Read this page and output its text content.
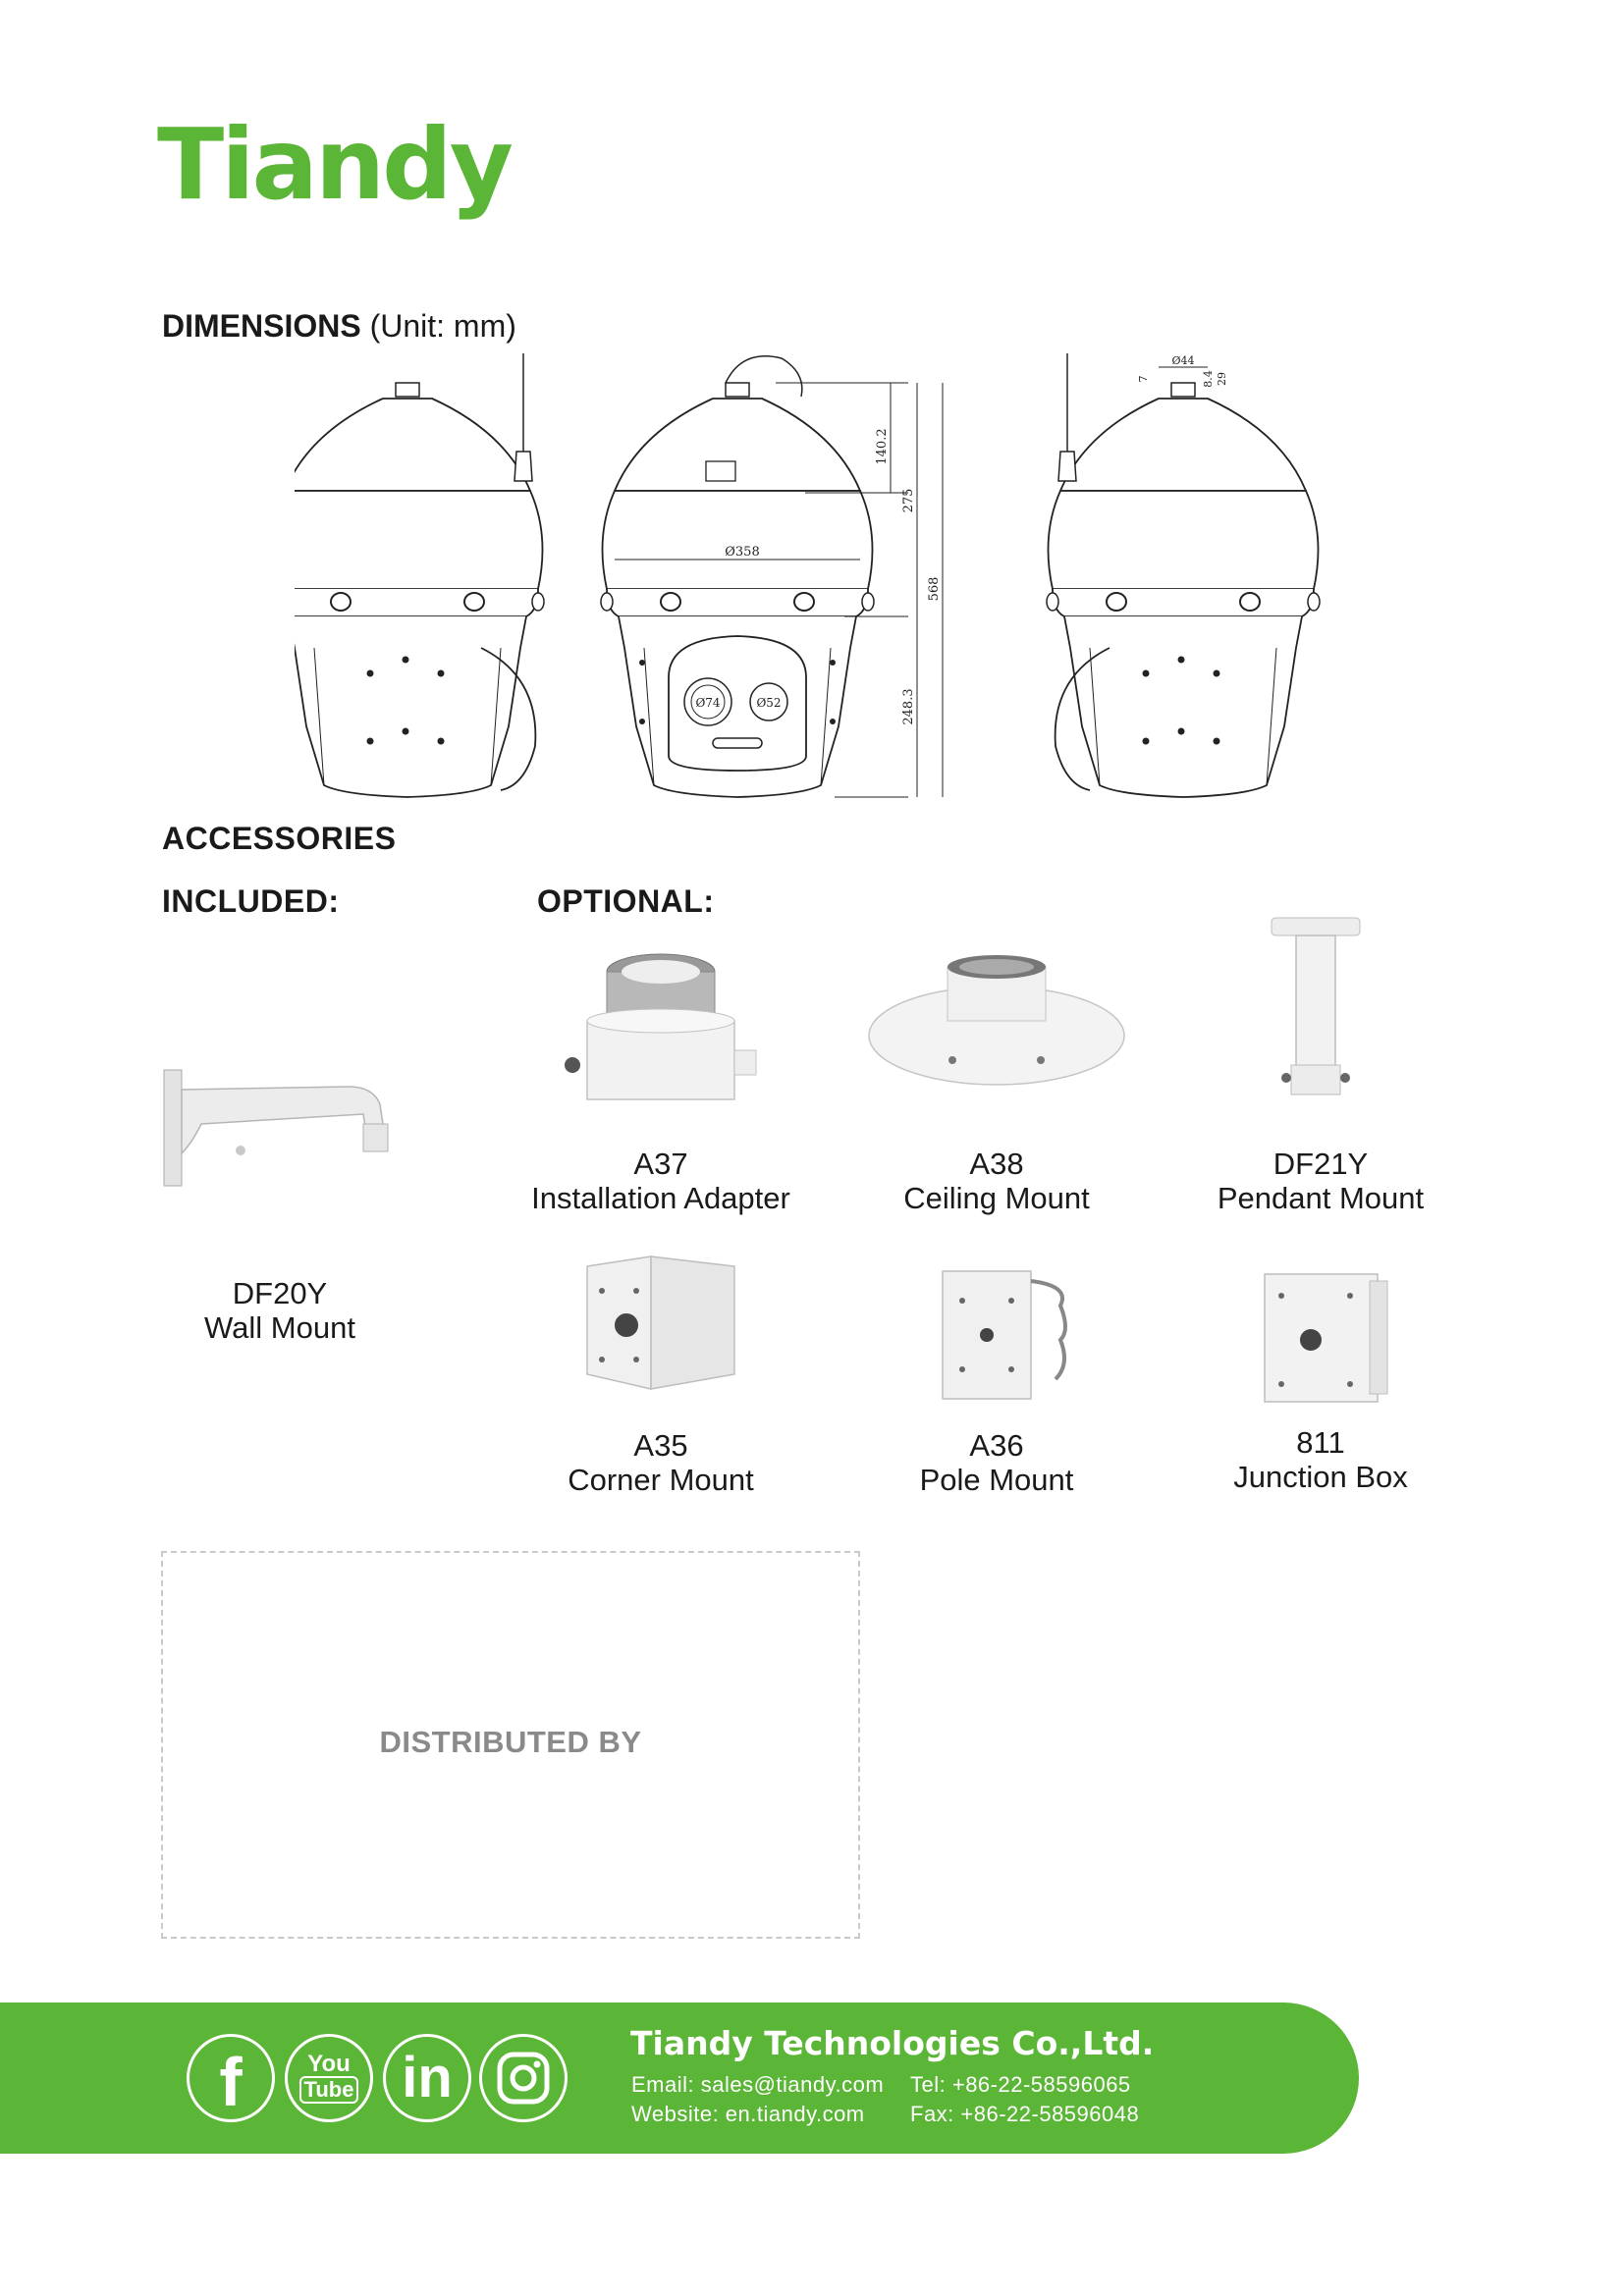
Tiandy
DIMENSIONS (Unit: mm)
Ø358
Ø74	Ø52
140.2
275
568
248.3
Ø44
7	8.4 29
ACCESSORIES
INCLUDED:	OPTIONAL:
DF20Y
Wall Mount
A37
Installation Adapter
A38
Ceiling Mount
DF21Y
Pendant Mount
A35
Corner Mount
A36
Pole Mount
811
Junction Box
DISTRIBUTED BY
f	You
Tube in
Tiandy Technologies Co.,Ltd.
Email: sales@tiandy.com
Website: en.tiandy.com
Tel: +86-22-58596065
Fax: +86-22-58596048
